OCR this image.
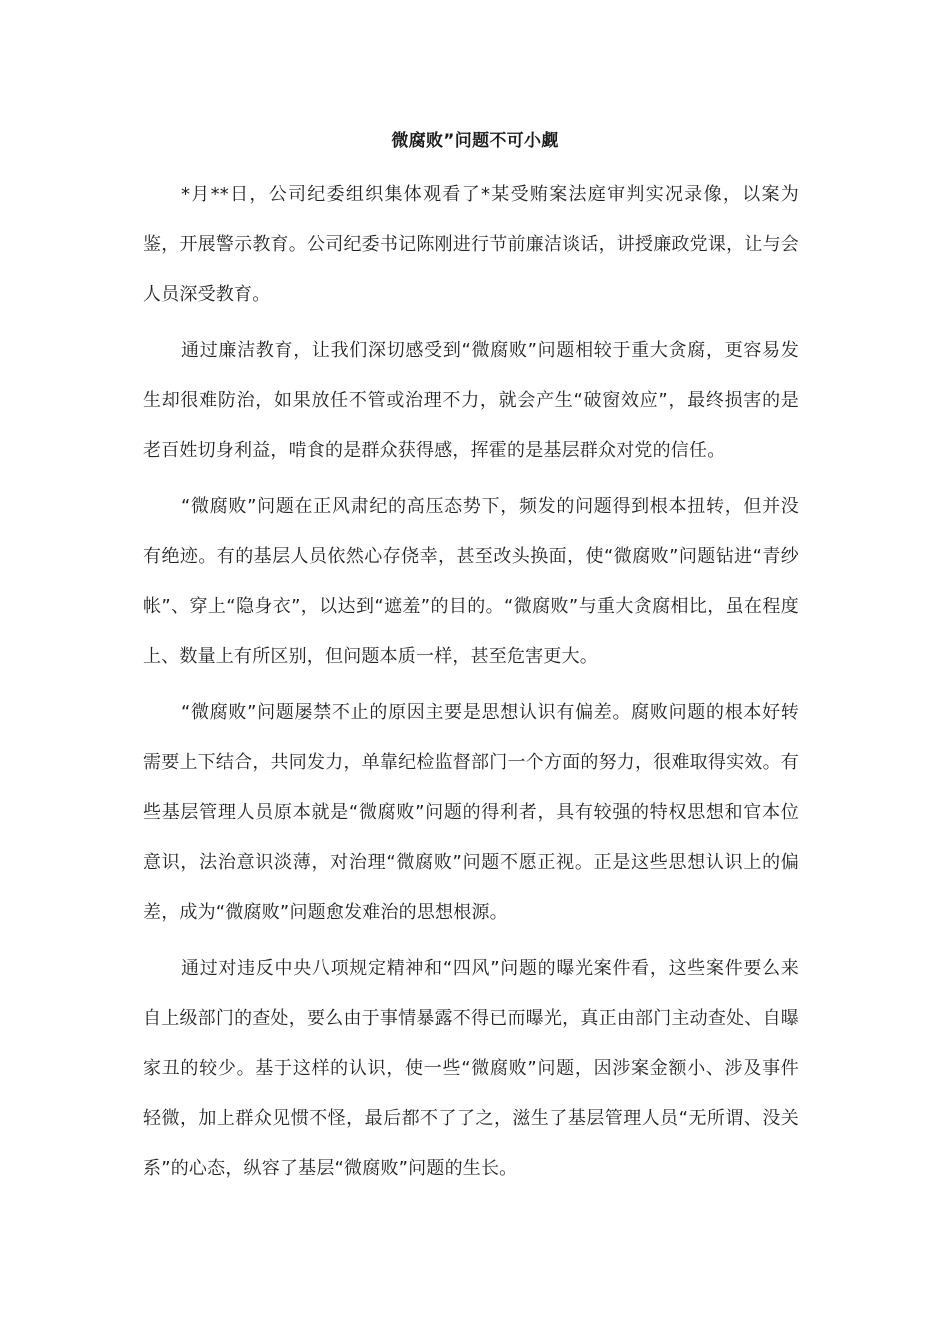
微腐败”问题不可小觑

*月**日，公司纪委组织集体观看了*某受贿案法庭审判实况录像，以案为鉴，开展警示教育。公司纪委书记陈刚进行节前廉洁谈话，讲授廉政党课，让与会人员深受教育。

通过廉洁教育，让我们深切感受到“微腐败”问题相较于重大贪腐，更容易发生却很难防治，如果放任不管或治理不力，就会产生“破窗效应”，最终损害的是老百姓切身利益，啃食的是群众获得感，挥霍的是基层群众对党的信任。

“微腐败”问题在正风肃纪的高压态势下，频发的问题得到根本扭转，但并没有绝迹。有的基层人员依然心存侥幸，甚至改头换面，使“微腐败”问题钻进“青纱帐”、穿上“隐身衣”，以达到“遮羞”的目的。“微腐败”与重大贪腐相比，虽在程度上、数量上有所区别，但问题本质一样，甚至危害更大。

“微腐败”问题屡禁不止的原因主要是思想认识有偏差。腐败问题的根本好转需要上下结合，共同发力，单靠纪检监督部门一个方面的努力，很难取得实效。有些基层管理人员原本就是“微腐败”问题的得利者，具有较强的特权思想和官本位意识，法治意识淡薄，对治理“微腐败”问题不愿正视。正是这些思想认识上的偏差，成为“微腐败”问题愈发难治的思想根源。

通过对违反中央八项规定精神和“四风”问题的曝光案件看，这些案件要么来自上级部门的查处，要么由于事情暴露不得已而曝光，真正由部门主动查处、自曝家丑的较少。基于这样的认识，使一些“微腐败”问题，因涉案金额小、涉及事件轻微，加上群众见惯不怪，最后都不了了之，滋生了基层管理人员“无所谓、没关系”的心态，纵容了基层“微腐败”问题的生长。
